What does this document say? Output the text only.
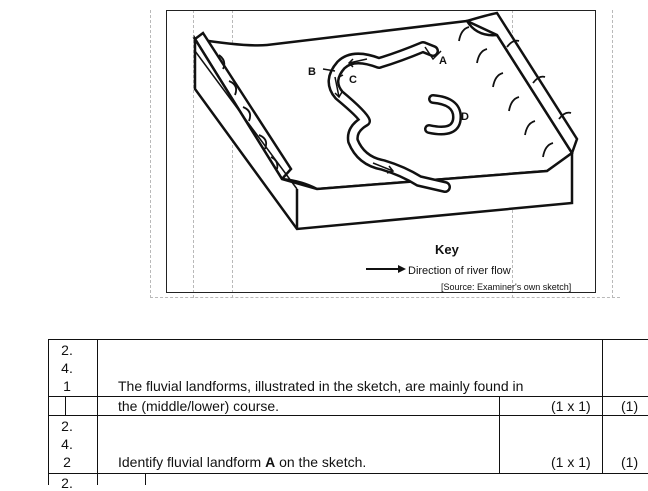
A
B
C
D
Key
Direction of river flow
[Source: Examiner's own sketch]
2.
4.
1	The fluvial landforms, illustrated in the sketch, are mainly found in
the (middle/lower) course.	(1 x 1) (1)
2.
4.
2	Identify fluvial landform A on the sketch.	(1 x 1) (1)
2.
